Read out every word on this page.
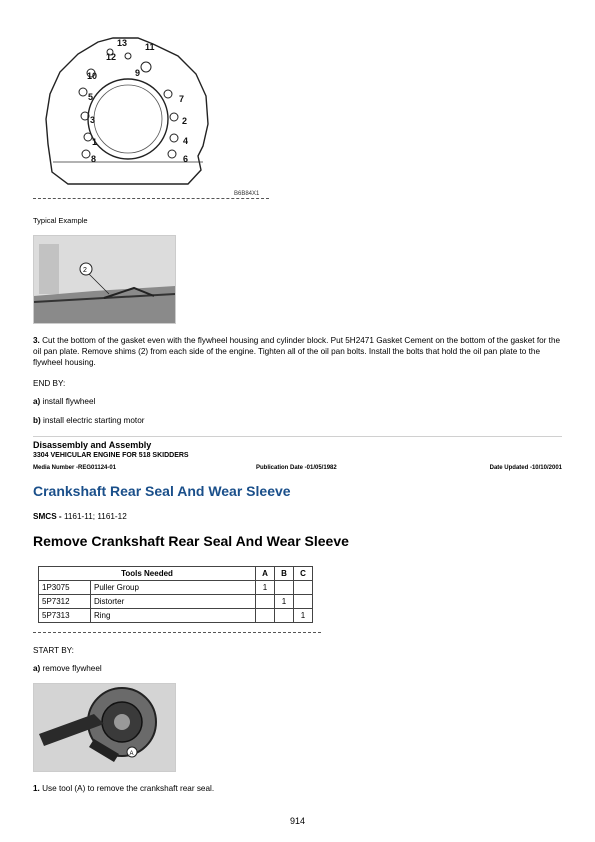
13 11
12
10	9
5	7
3	2
1	4
8	6
B6B84X1
Typical Example
2
3. Cut the bottom of the gasket even with the flywheel housing and cylinder block. Put 5H2471 Gasket Cement on the bottom of the gasket for the oil pan plate. Remove shims (2) from each side of the engine. Tighten all of the oil pan bolts. Install the bolts that hold the oil pan plate to the flywheel housing.
END BY:
a) install flywheel
b) install electric starting motor
Disassembly and Assembly
3304 VEHICULAR ENGINE FOR 518 SKIDDERS
Media Number -REG01124-01	Publication Date -01/05/1982	Date Updated -10/10/2001
Crankshaft Rear Seal And Wear Sleeve
SMCS - 1161-11; 1161-12
Remove Crankshaft Rear Seal And Wear Sleeve
Tools Needed		A	B	C
1P3075	Puller Group	1		
5P7312	Distorter		1	
5P7313	Ring			1
START BY:
a) remove flywheel
A
1. Use tool (A) to remove the crankshaft rear seal.
914
